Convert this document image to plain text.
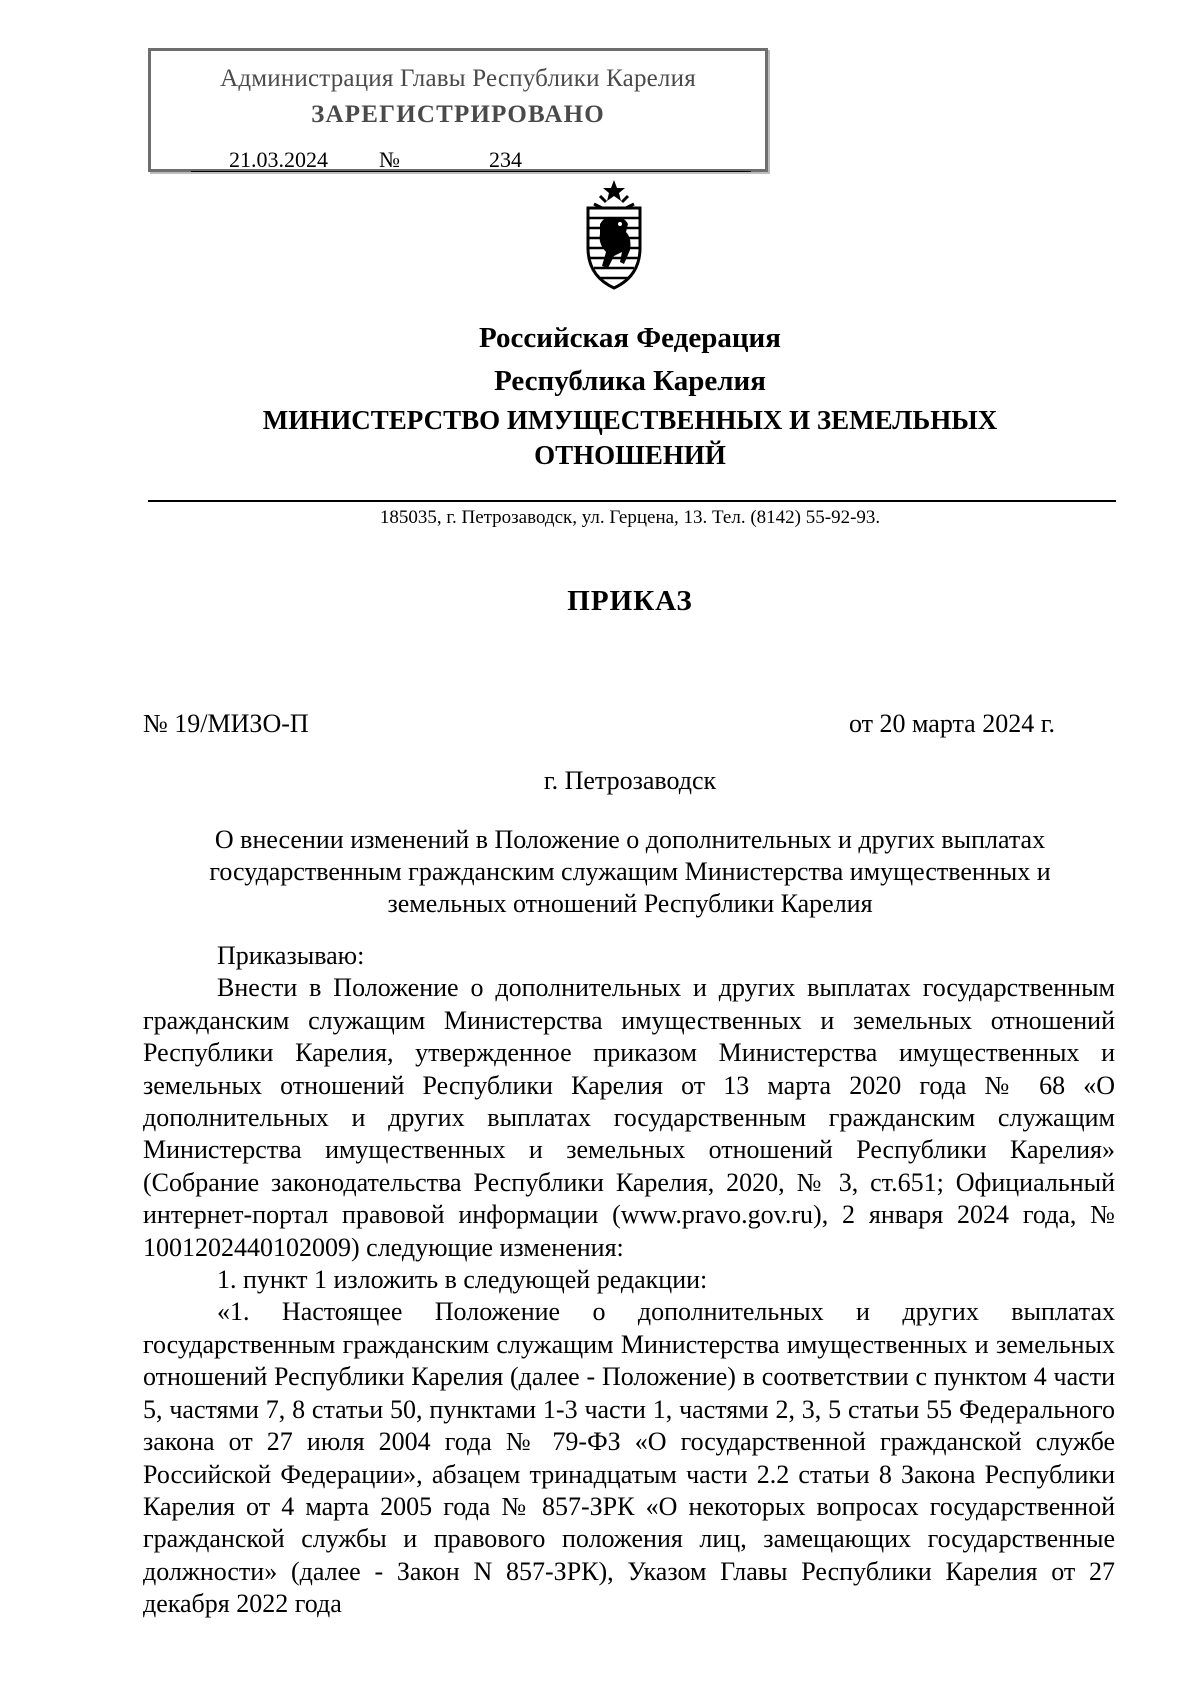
Администрация Главы Республики Карелия
ЗАРЕГИСТРИРОВАНО
21.03.2024 №	234
Российская Федерация
Республика Карелия
МИНИСТЕРСТВО ИМУЩЕСТВЕННЫХ И ЗЕМЕЛЬНЫХ
ОТНОШЕНИЙ
185035, г. Петрозаводск, ул. Герцена, 13. Тел. (8142) 55-92-93.
ПРИКАЗ
№ 19/МИЗО-П	от 20 марта 2024 г.
г. Петрозаводск
О внесении изменений в Положение о дополнительных и других выплатах государственным гражданским служащим Министерства имущественных и земельных отношений Республики Карелия

Приказываю:

Внести в Положение о дополнительных и других выплатах государственным гражданским служащим Министерства имущественных и земельных отношений Республики Карелия, утвержденное приказом Министерства имущественных и земельных отношений Республики Карелия от 13 марта 2020 года № 68 «О дополнительных и других выплатах государственным гражданским служащим Министерства имущественных и земельных отношений Республики Карелия» (Собрание законодательства Республики Карелия, 2020, № 3, ст.651; Официальный интернет-портал правовой информации (www.pravo.gov.ru), 2 января 2024 года, № 1001202440102009) следующие изменения:

1. пункт 1 изложить в следующей редакции:

«1. Настоящее Положение о дополнительных и других выплатах государственным гражданским служащим Министерства имущественных и земельных отношений Республики Карелия (далее - Положение) в соответствии с пунктом 4 части 5, частями 7, 8 статьи 50, пунктами 1-3 части 1, частями 2, 3, 5 статьи 55 Федерального закона от 27 июля 2004 года № 79-ФЗ «О государственной гражданской службе Российской Федерации», абзацем тринадцатым части 2.2 статьи 8 Закона Республики Карелия от 4 марта 2005 года № 857-ЗРК «О некоторых вопросах государственной гражданской службы и правового положения лиц, замещающих государственные должности» (далее - Закон N 857-ЗРК), Указом Главы Республики Карелия от 27 декабря 2022 года
